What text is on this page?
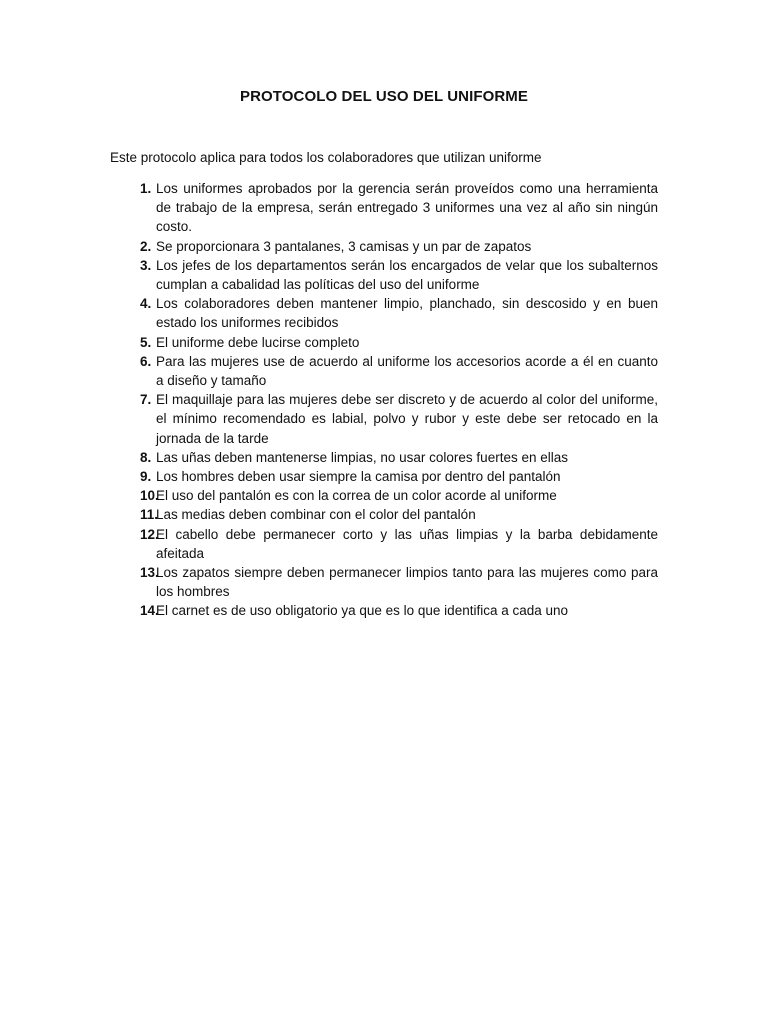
PROTOCOLO DEL USO DEL UNIFORME

Este protocolo aplica para todos los colaboradores que utilizan uniforme

1. Los uniformes aprobados por la gerencia serán proveídos como una herramienta de trabajo de la empresa, serán entregado 3 uniformes una vez al año sin ningún costo.
2. Se proporcionara 3 pantalanes, 3 camisas y un par de zapatos
3. Los jefes de los departamentos serán los encargados de velar que los subalternos cumplan a cabalidad las políticas del uso del uniforme
4. Los colaboradores deben mantener limpio, planchado, sin descosido y en buen estado los uniformes recibidos
5. El uniforme debe lucirse completo
6. Para las mujeres use de acuerdo al uniforme los accesorios acorde a él en cuanto a diseño y tamaño
7. El maquillaje para las mujeres debe ser discreto y de acuerdo al color del uniforme, el mínimo recomendado es labial, polvo y rubor y este debe ser retocado en la jornada de la tarde
8. Las uñas deben mantenerse limpias, no usar colores fuertes en ellas
9. Los hombres deben usar siempre la camisa por dentro del pantalón
10.
El uso del pantalón es con la correa de un color acorde al uniforme
11.
Las medias deben combinar con el color del pantalón
12.
El cabello debe permanecer corto y las uñas limpias y la barba debidamente afeitada
13.
Los zapatos siempre deben permanecer limpios tanto para las mujeres como para los hombres
14.
El carnet es de uso obligatorio ya que es lo que identifica a cada uno
